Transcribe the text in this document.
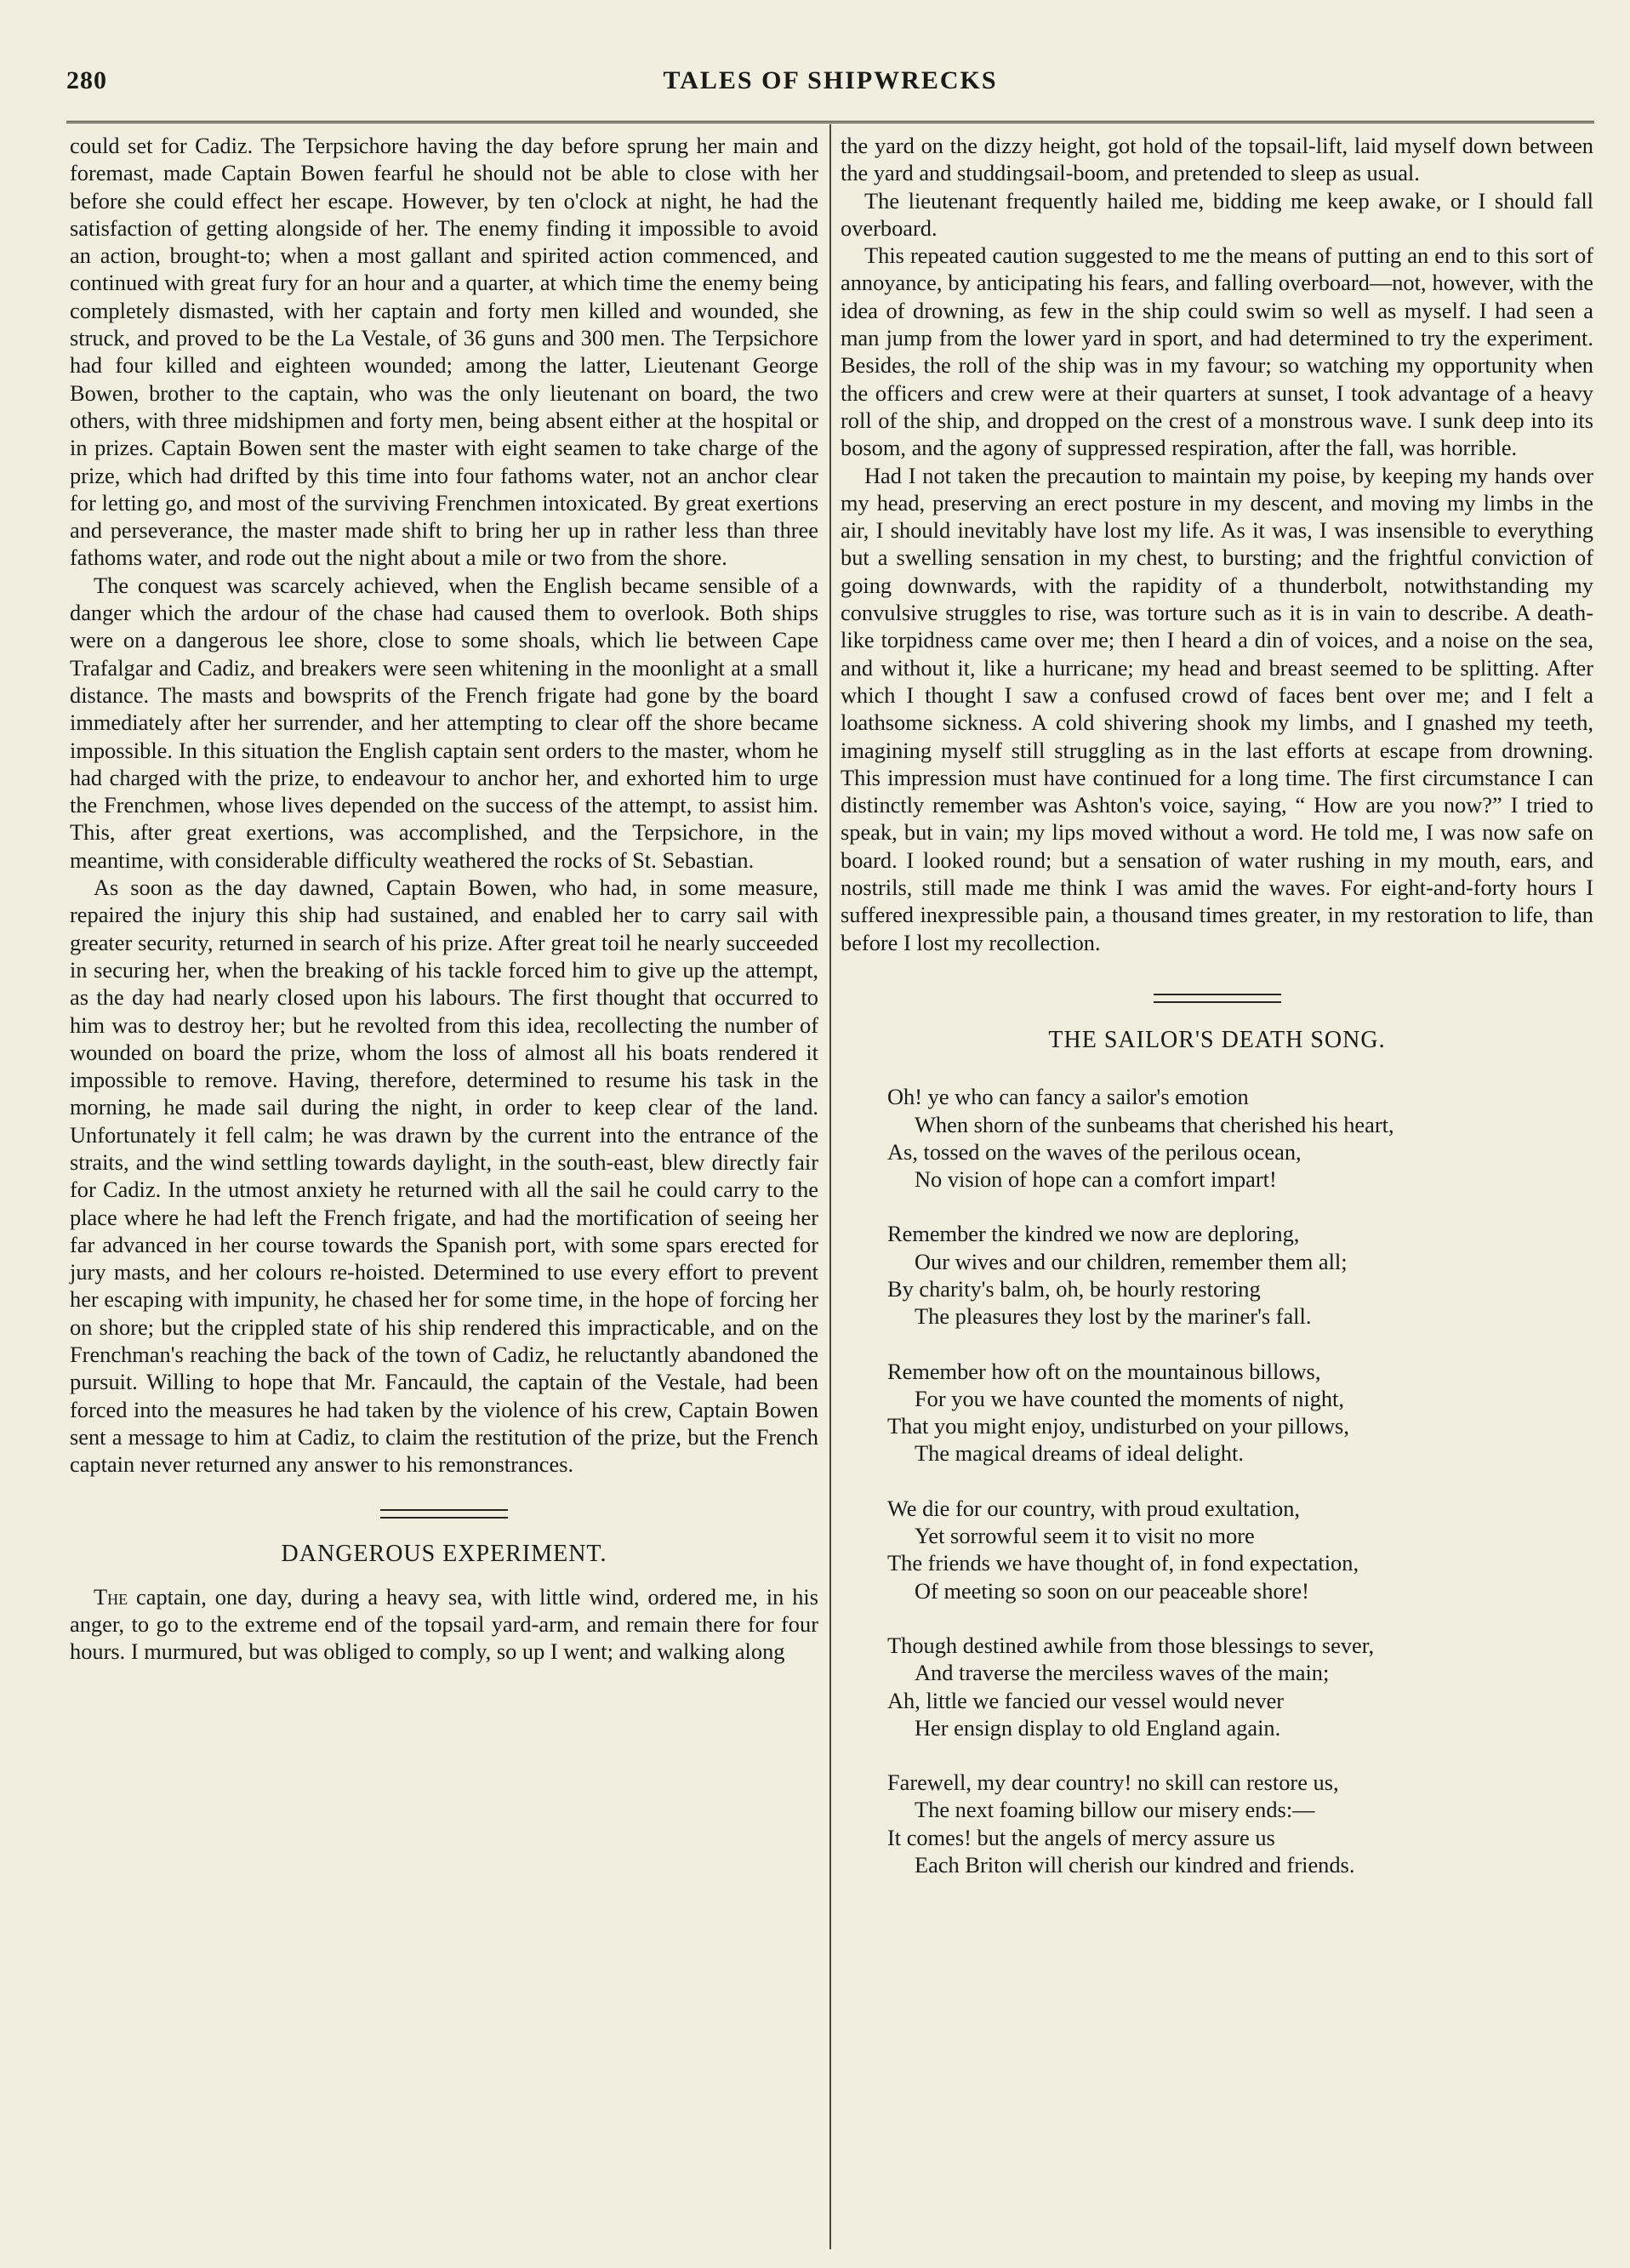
280	TALES OF SHIPWRECKS

could set for Cadiz. The Terpsichore having the day before sprung her main and foremast, made Captain Bowen fearful he should not be able to close with her before she could effect her escape. However, by ten o'clock at night, he had the satisfaction of getting alongside of her. The enemy finding it impossible to avoid an action, brought-to; when a most gallant and spirited action commenced, and continued with great fury for an hour and a quarter, at which time the enemy being completely dismasted, with her captain and forty men killed and wounded, she struck, and proved to be the La Vestale, of 36 guns and 300 men. The Terpsichore had four killed and eighteen wounded; among the latter, Lieutenant George Bowen, brother to the captain, who was the only lieutenant on board, the two others, with three midshipmen and forty men, being absent either at the hospital or in prizes. Captain Bowen sent the master with eight seamen to take charge of the prize, which had drifted by this time into four fathoms water, not an anchor clear for letting go, and most of the surviving Frenchmen intoxicated. By great exertions and perseverance, the master made shift to bring her up in rather less than three fathoms water, and rode out the night about a mile or two from the shore.

The conquest was scarcely achieved, when the English became sensible of a danger which the ardour of the chase had caused them to overlook. Both ships were on a dangerous lee shore, close to some shoals, which lie between Cape Trafalgar and Cadiz, and breakers were seen whitening in the moonlight at a small distance. The masts and bowsprits of the French frigate had gone by the board immediately after her surrender, and her attempting to clear off the shore became impossible. In this situation the English captain sent orders to the master, whom he had charged with the prize, to endeavour to anchor her, and exhorted him to urge the Frenchmen, whose lives depended on the success of the attempt, to assist him. This, after great exertions, was accomplished, and the Terpsichore, in the meantime, with considerable difficulty weathered the rocks of St. Sebastian.

As soon as the day dawned, Captain Bowen, who had, in some measure, repaired the injury this ship had sustained, and enabled her to carry sail with greater security, returned in search of his prize. After great toil he nearly succeeded in securing her, when the breaking of his tackle forced him to give up the attempt, as the day had nearly closed upon his labours. The first thought that occurred to him was to destroy her; but he revolted from this idea, recollecting the number of wounded on board the prize, whom the loss of almost all his boats rendered it impossible to remove. Having, therefore, determined to resume his task in the morning, he made sail during the night, in order to keep clear of the land. Unfortunately it fell calm; he was drawn by the current into the entrance of the straits, and the wind settling towards daylight, in the south-east, blew directly fair for Cadiz. In the utmost anxiety he returned with all the sail he could carry to the place where he had left the French frigate, and had the mortification of seeing her far advanced in her course towards the Spanish port, with some spars erected for jury masts, and her colours re-hoisted. Determined to use every effort to prevent her escaping with impunity, he chased her for some time, in the hope of forcing her on shore; but the crippled state of his ship rendered this impracticable, and on the Frenchman's reaching the back of the town of Cadiz, he reluctantly abandoned the pursuit. Willing to hope that Mr. Fancauld, the captain of the Vestale, had been forced into the measures he had taken by the violence of his crew, Captain Bowen sent a message to him at Cadiz, to claim the restitution of the prize, but the French captain never returned any answer to his remonstrances.

DANGEROUS EXPERIMENT.

The captain, one day, during a heavy sea, with little wind, ordered me, in his anger, to go to the extreme end of the topsail yard-arm, and remain there for four hours. I murmured, but was obliged to comply, so up I went; and walking along

the yard on the dizzy height, got hold of the topsail-lift, laid myself down between the yard and studdingsail-boom, and pretended to sleep as usual.

The lieutenant frequently hailed me, bidding me keep awake, or I should fall overboard.

This repeated caution suggested to me the means of putting an end to this sort of annoyance, by anticipating his fears, and falling overboard—not, however, with the idea of drowning, as few in the ship could swim so well as myself. I had seen a man jump from the lower yard in sport, and had determined to try the experiment. Besides, the roll of the ship was in my favour; so watching my opportunity when the officers and crew were at their quarters at sunset, I took advantage of a heavy roll of the ship, and dropped on the crest of a monstrous wave. I sunk deep into its bosom, and the agony of suppressed respiration, after the fall, was horrible.

Had I not taken the precaution to maintain my poise, by keeping my hands over my head, preserving an erect posture in my descent, and moving my limbs in the air, I should inevitably have lost my life. As it was, I was insensible to everything but a swelling sensation in my chest, to bursting; and the frightful conviction of going downwards, with the rapidity of a thunderbolt, notwithstanding my convulsive struggles to rise, was torture such as it is in vain to describe. A death-like torpidness came over me; then I heard a din of voices, and a noise on the sea, and without it, like a hurricane; my head and breast seemed to be splitting. After which I thought I saw a confused crowd of faces bent over me; and I felt a loathsome sickness. A cold shivering shook my limbs, and I gnashed my teeth, imagining myself still struggling as in the last efforts at escape from drowning. This impression must have continued for a long time. The first circumstance I can distinctly remember was Ashton's voice, saying, “ How are you now?” I tried to speak, but in vain; my lips moved without a word. He told me, I was now safe on board. I looked round; but a sensation of water rushing in my mouth, ears, and nostrils, still made me think I was amid the waves. For eight-and-forty hours I suffered inexpressible pain, a thousand times greater, in my restoration to life, than before I lost my recollection.

THE SAILOR'S DEATH SONG.
Oh! ye who can fancy a sailor's emotion
When shorn of the sunbeams that cherished his heart,
As, tossed on the waves of the perilous ocean,
No vision of hope can a comfort impart!
Remember the kindred we now are deploring,
Our wives and our children, remember them all;
By charity's balm, oh, be hourly restoring
The pleasures they lost by the mariner's fall.
Remember how oft on the mountainous billows,
For you we have counted the moments of night,
That you might enjoy, undisturbed on your pillows,
The magical dreams of ideal delight.
We die for our country, with proud exultation,
Yet sorrowful seem it to visit no more
The friends we have thought of, in fond expectation,
Of meeting so soon on our peaceable shore!
Though destined awhile from those blessings to sever,
And traverse the merciless waves of the main;
Ah, little we fancied our vessel would never
Her ensign display to old England again.
Farewell, my dear country! no skill can restore us,
The next foaming billow our misery ends:—
It comes! but the angels of mercy assure us
Each Briton will cherish our kindred and friends.
